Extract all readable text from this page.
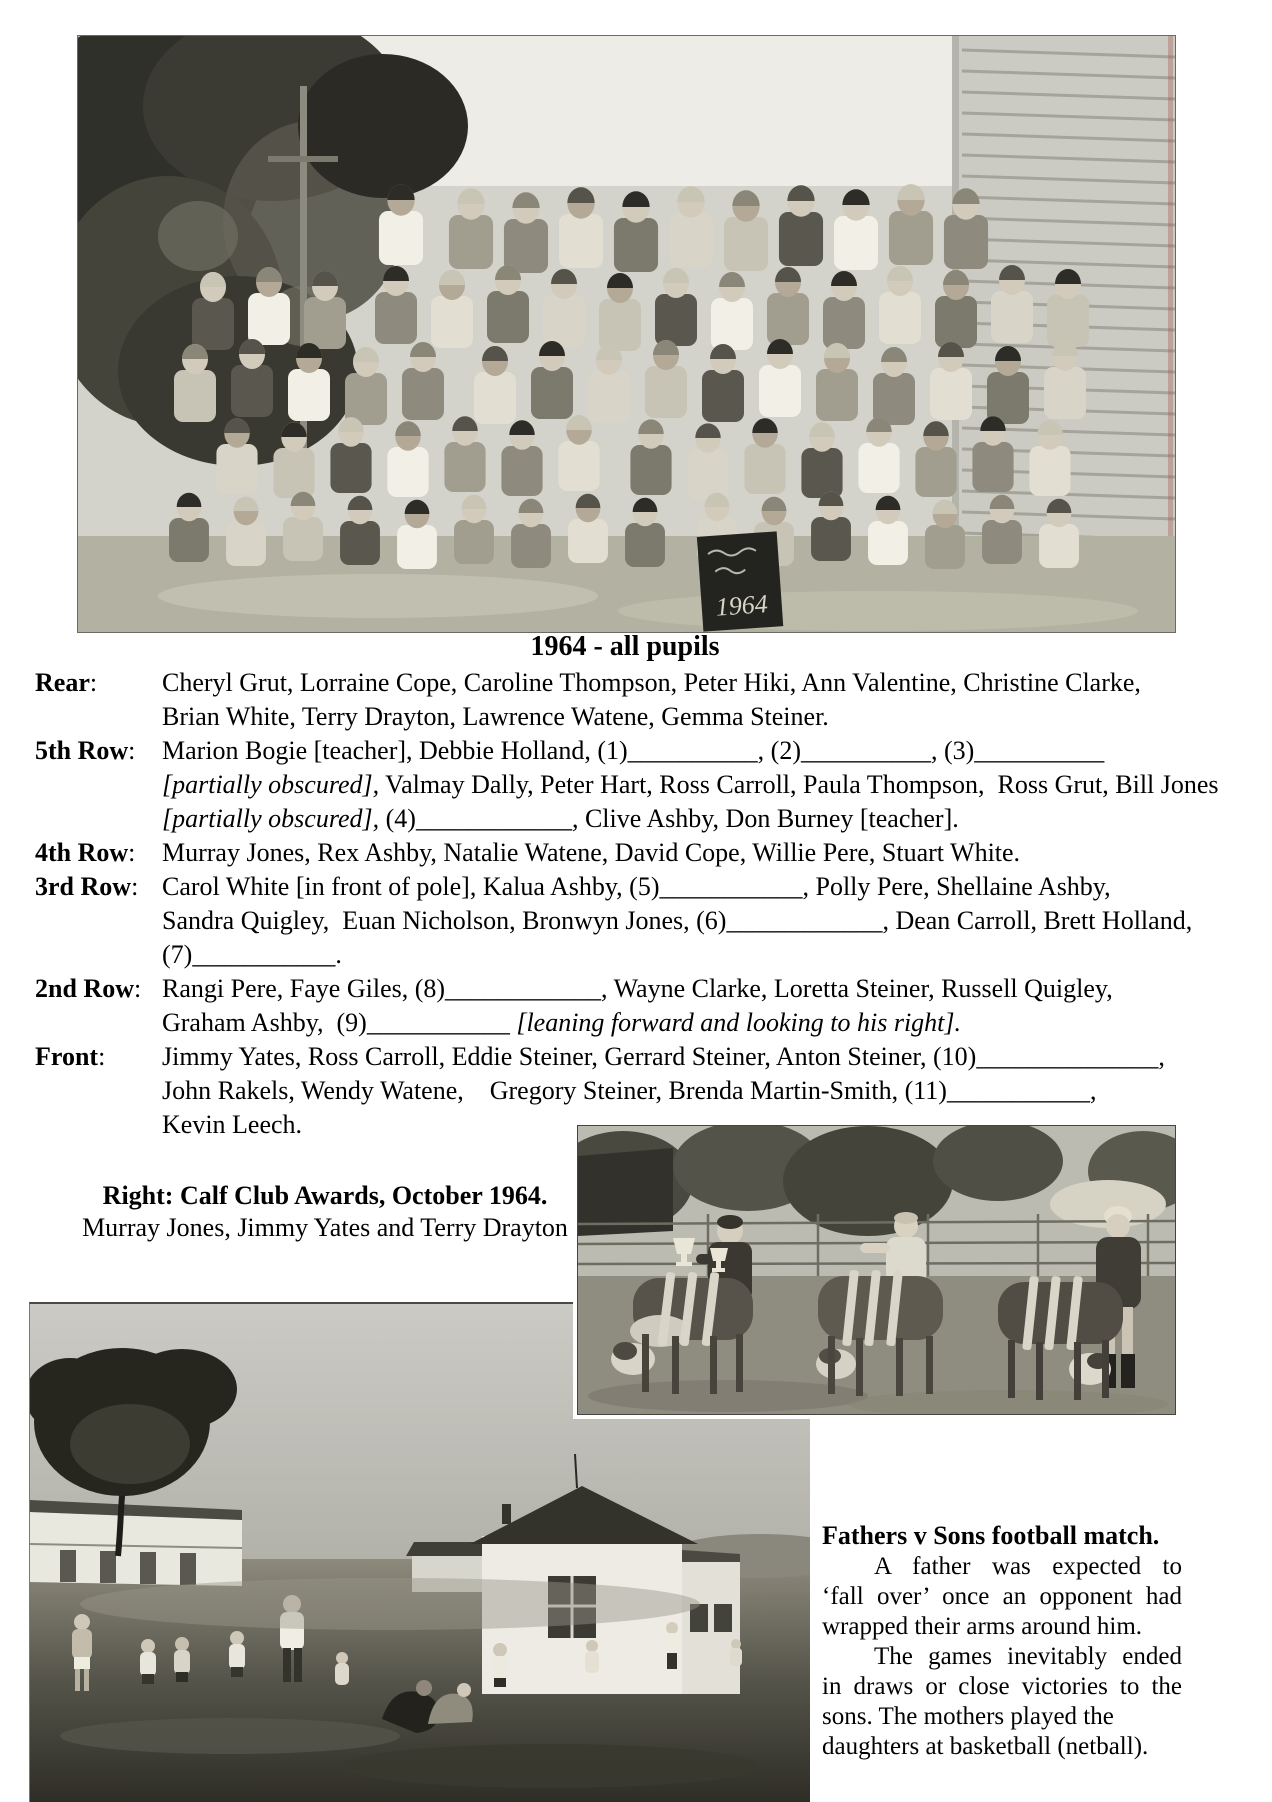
1964
1964 - all pupils
Rear:	Cheryl Grut, Lorraine Cope, Caroline Thompson, Peter Hiki, Ann Valentine, Christine Clarke,
Brian White, Terry Drayton, Lawrence Watene, Gemma Steiner.
5th Row:	Marion Bogie [teacher], Debbie Holland, (1)__________, (2)__________, (3)__________
[partially obscured], Valmay Dally, Peter Hart, Ross Carroll, Paula Thompson,  Ross Grut, Bill Jones
[partially obscured], (4)____________, Clive Ashby, Don Burney [teacher].
4th Row:	Murray Jones, Rex Ashby, Natalie Watene, David Cope, Willie Pere, Stuart White.
3rd Row: Carol White [in front of pole], Kalua Ashby, (5)___________, Polly Pere, Shellaine Ashby,
Sandra Quigley,  Euan Nicholson, Bronwyn Jones, (6)____________, Dean Carroll, Brett Holland,
(7)___________.
2nd Row: Rangi Pere, Faye Giles, (8)____________, Wayne Clarke, Loretta Steiner, Russell Quigley,
Graham Ashby,  (9)___________ [leaning forward and looking to his right].
Front:	Jimmy Yates, Ross Carroll, Eddie Steiner, Gerrard Steiner, Anton Steiner, (10)______________,
John Rakels, Wendy Watene,    Gregory Steiner, Brenda Martin-Smith, (11)___________,
Kevin Leech.
Right: Calf Club Awards, October 1964.
Murray Jones, Jimmy Yates and Terry Drayton
Fathers v Sons football match.
A father was expected to
‘fall over’ once an opponent had
wrapped their arms around him.
The games inevitably ended
in draws or close victories to the
sons. The mothers played the
daughters at basketball (netball).
